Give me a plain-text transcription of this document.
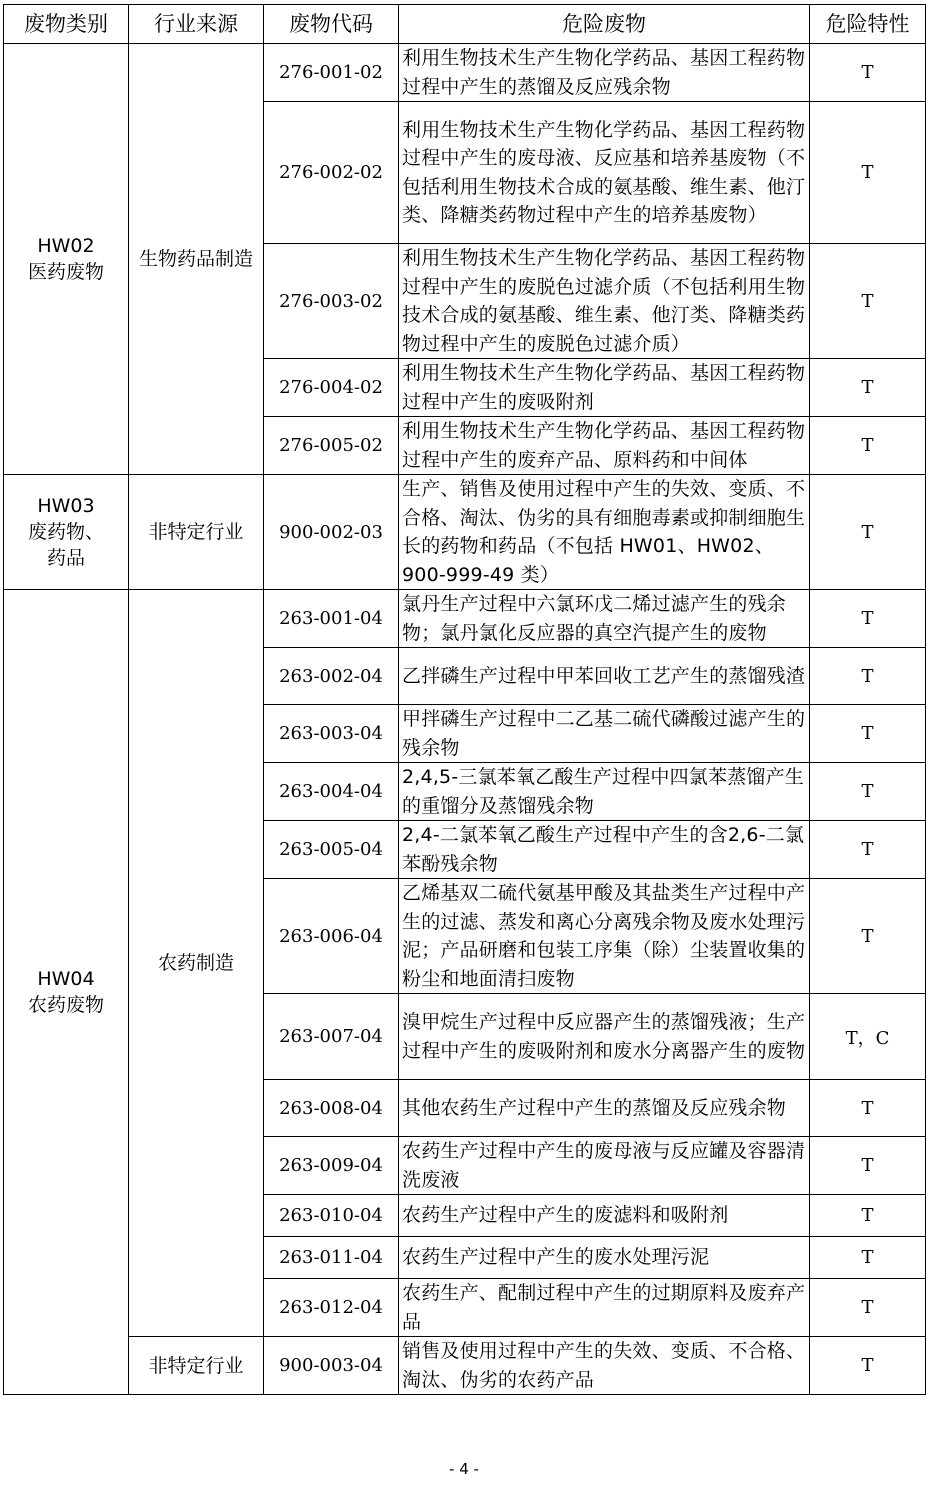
废物类别	行业来源	废物代码	危险废物	危险特性

HW02
医药废物	生物药品制造	276-001-02	利用生物技术生产生物化学药品、基因工程药物过程中产生的蒸馏及反应残余物	T
		276-002-02	利用生物技术生产生物化学药品、基因工程药物过程中产生的废母液、反应基和培养基废物（不包括利用生物技术合成的氨基酸、维生素、他汀类、降糖类药物过程中产生的培养基废物）	T
		276-003-02	利用生物技术生产生物化学药品、基因工程药物过程中产生的废脱色过滤介质（不包括利用生物技术合成的氨基酸、维生素、他汀类、降糖类药物过程中产生的废脱色过滤介质）	T
		276-004-02	利用生物技术生产生物化学药品、基因工程药物过程中产生的废吸附剂	T
		276-005-02	利用生物技术生产生物化学药品、基因工程药物过程中产生的废弃产品、原料药和中间体	T

HW03
废药物、
药品	非特定行业	900-002-03	生产、销售及使用过程中产生的失效、变质、不合格、淘汰、伪劣的具有细胞毒素或抑制细胞生长的药物和药品（不包括 HW01、HW02、900-999-49 类）	T

HW04
农药废物	农药制造	263-001-04	氯丹生产过程中六氯环戊二烯过滤产生的残余物；氯丹氯化反应器的真空汽提产生的废物	T
		263-002-04	乙拌磷生产过程中甲苯回收工艺产生的蒸馏残渣	T
		263-003-04	甲拌磷生产过程中二乙基二硫代磷酸过滤产生的残余物	T
		263-004-04	2,4,5-三氯苯氧乙酸生产过程中四氯苯蒸馏产生的重馏分及蒸馏残余物	T
		263-005-04	2,4-二氯苯氧乙酸生产过程中产生的含2,6-二氯苯酚残余物	T
		263-006-04	乙烯基双二硫代氨基甲酸及其盐类生产过程中产生的过滤、蒸发和离心分离残余物及废水处理污泥；产品研磨和包装工序集（除）尘装置收集的粉尘和地面清扫废物	T
		263-007-04	溴甲烷生产过程中反应器产生的蒸馏残液；生产过程中产生的废吸附剂和废水分离器产生的废物	T，C
		263-008-04	其他农药生产过程中产生的蒸馏及反应残余物	T
		263-009-04	农药生产过程中产生的废母液与反应罐及容器清洗废液	T
		263-010-04	农药生产过程中产生的废滤料和吸附剂	T
		263-011-04	农药生产过程中产生的废水处理污泥	T
		263-012-04	农药生产、配制过程中产生的过期原料及废弃产品	T
	非特定行业	900-003-04	销售及使用过程中产生的失效、变质、不合格、淘汰、伪劣的农药产品	T
- 4 -
